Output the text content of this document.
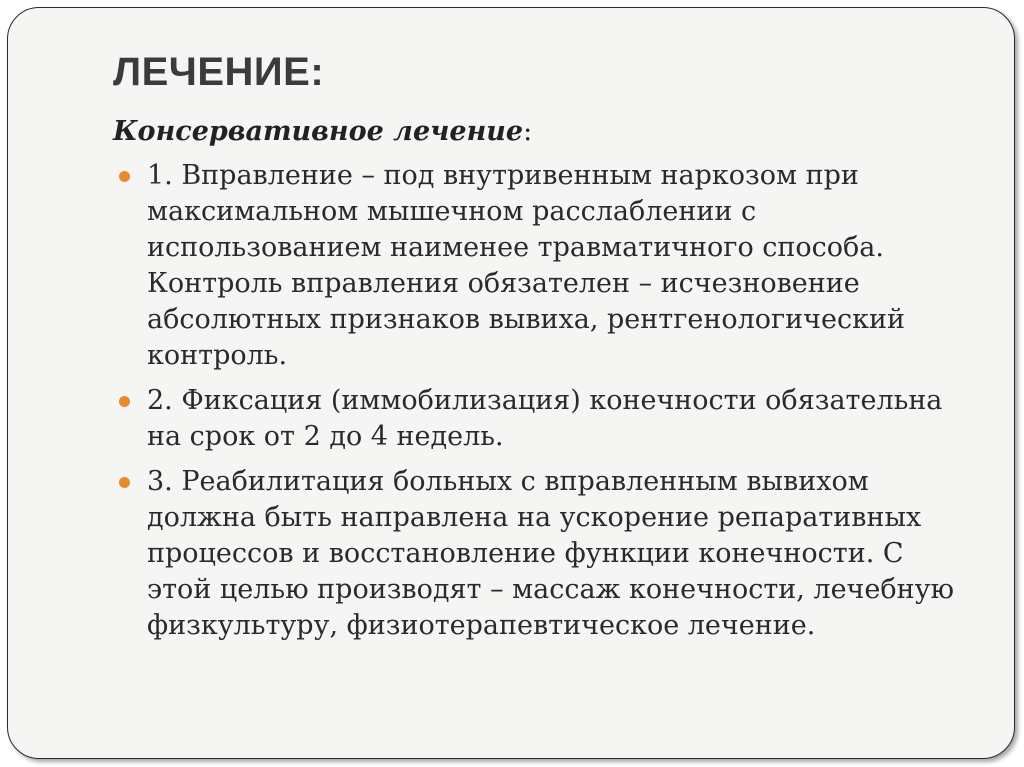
ЛЕЧЕНИЕ:

Консервативное лечение:

1. Вправление – под внутривенным наркозом при максимальном мышечном расслаблении с использованием наименее травматичного способа. Контроль вправления обязателен – исчезновение абсолютных признаков вывиха, рентгенологический контроль.
2. Фиксация (иммобилизация) конечности обязательна на срок от 2 до 4 недель.
3. Реабилитация больных с вправленным вывихом должна быть направлена на ускорение репаративных процессов и восстановление функции конечности. С этой целью производят – массаж конечности, лечебную физкультуру, физиотерапевтическое лечение.
